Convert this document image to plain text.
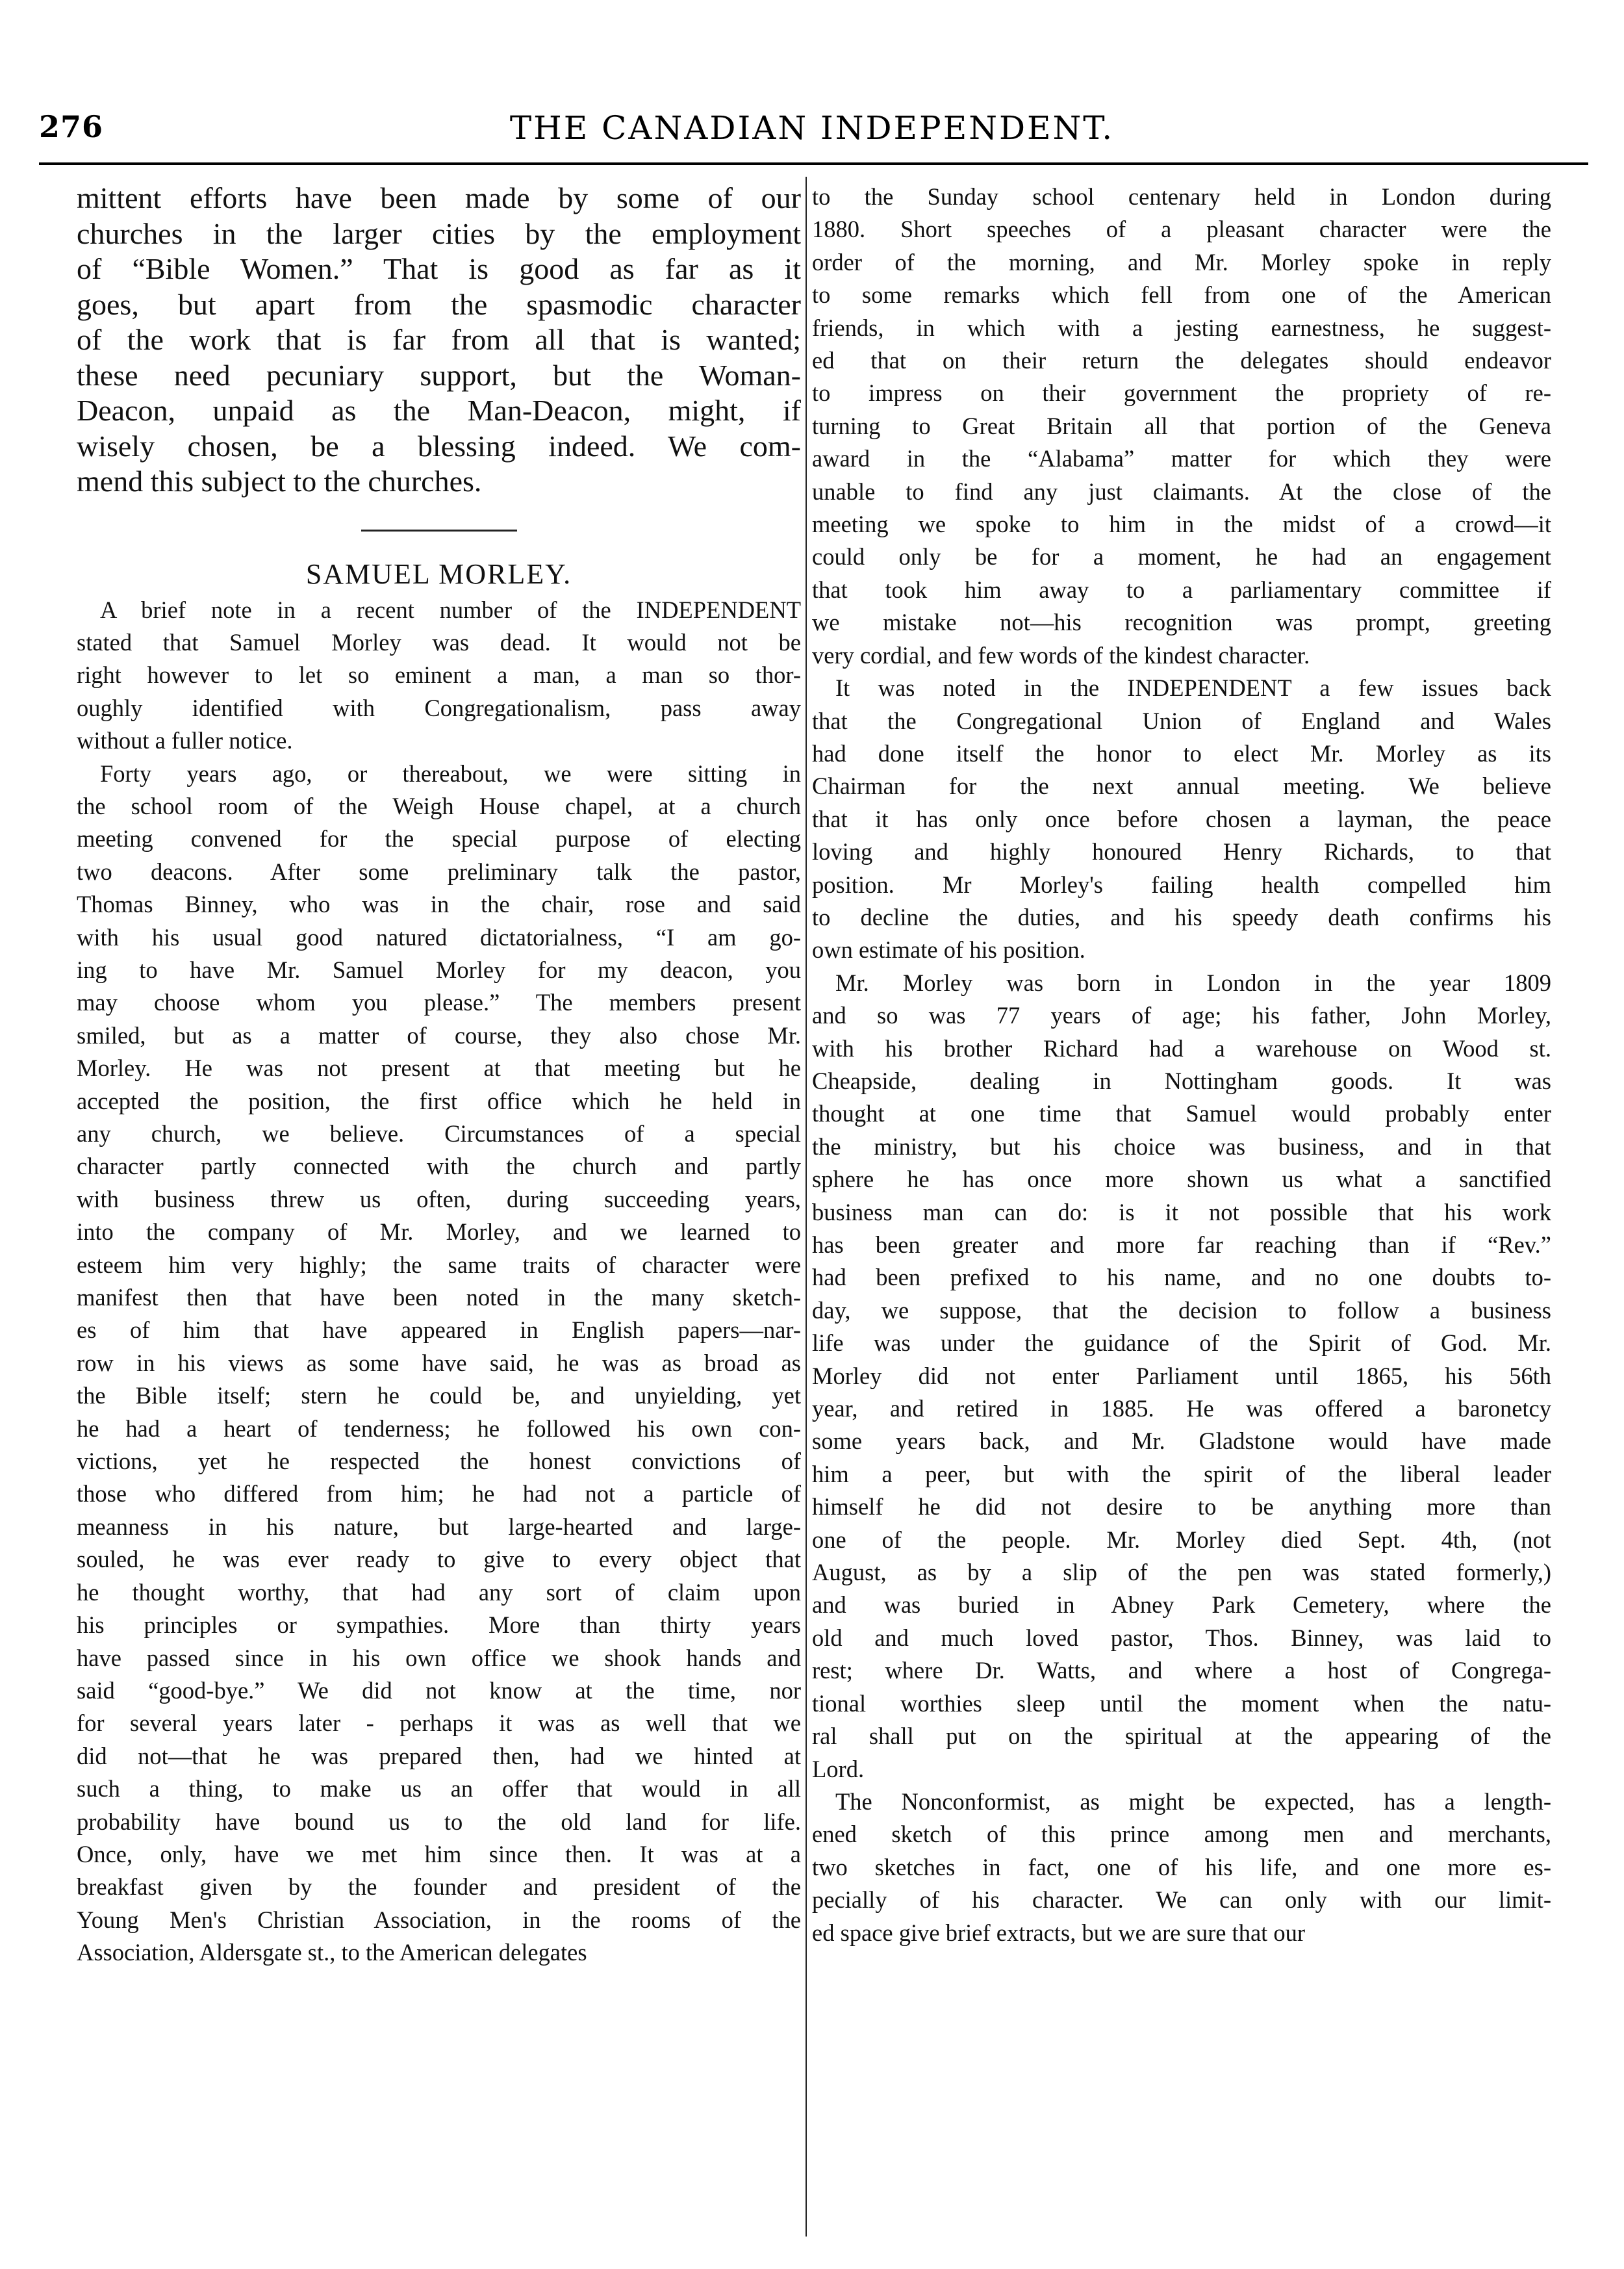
276	THE CANADIAN INDEPENDENT.
mittent efforts have been made by some of our
churches in the larger cities by the employment
of “Bible Women.” That is good as far as it
goes, but apart from the spasmodic character
of the work that is far from all that is wanted;
these need pecuniary support, but the Woman-
Deacon, unpaid as the Man-Deacon, might, if
wisely chosen, be a blessing indeed. We com-
mend this subject to the churches.
SAMUEL MORLEY.
A brief note in a recent number of the INDEPENDENT
stated that Samuel Morley was dead. It would not be
right however to let so eminent a man, a man so thor-
oughly identified with Congregationalism, pass away
without a fuller notice.
Forty years ago, or thereabout, we were sitting in
the school room of the Weigh House chapel, at a church
meeting convened for the special purpose of electing
two deacons. After some preliminary talk the pastor,
Thomas Binney, who was in the chair, rose and said
with his usual good natured dictatorialness, “I am go-
ing to have Mr. Samuel Morley for my deacon, you
may choose whom you please.” The members present
smiled, but as a matter of course, they also chose Mr.
Morley. He was not present at that meeting but he
accepted the position, the first office which he held in
any church, we believe. Circumstances of a special
character partly connected with the church and partly
with business threw us often, during succeeding years,
into the company of Mr. Morley, and we learned to
esteem him very highly; the same traits of character were
manifest then that have been noted in the many sketch-
es of him that have appeared in English papers—nar-
row in his views as some have said, he was as broad as
the Bible itself; stern he could be, and unyielding, yet
he had a heart of tenderness; he followed his own con-
victions, yet he respected the honest convictions of
those who differed from him; he had not a particle of
meanness in his nature, but large-hearted and large-
souled, he was ever ready to give to every object that
he thought worthy, that had any sort of claim upon
his principles or sympathies. More than thirty years
have passed since in his own office we shook hands and
said “good-bye.” We did not know at the time, nor
for several years later - perhaps it was as well that we
did not—that he was prepared then, had we hinted at
such a thing, to make us an offer that would in all
probability have bound us to the old land for life.
Once, only, have we met him since then. It was at a
breakfast given by the founder and president of the
Young Men's Christian Association, in the rooms of the
Association, Aldersgate st., to the American delegates
to the Sunday school centenary held in London during
1880. Short speeches of a pleasant character were the
order of the morning, and Mr. Morley spoke in reply
to some remarks which fell from one of the American
friends, in which with a jesting earnestness, he suggest-
ed that on their return the delegates should endeavor
to impress on their government the propriety of re-
turning to Great Britain all that portion of the Geneva
award in the “Alabama” matter for which they were
unable to find any just claimants. At the close of the
meeting we spoke to him in the midst of a crowd—it
could only be for a moment, he had an engagement
that took him away to a parliamentary committee if
we mistake not—his recognition was prompt, greeting
very cordial, and few words of the kindest character.
It was noted in the INDEPENDENT a few issues back
that the Congregational Union of England and Wales
had done itself the honor to elect Mr. Morley as its
Chairman for the next annual meeting. We believe
that it has only once before chosen a layman, the peace
loving and highly honoured Henry Richards, to that
position. Mr Morley's failing health compelled him
to decline the duties, and his speedy death confirms his
own estimate of his position.
Mr. Morley was born in London in the year 1809
and so was 77 years of age; his father, John Morley,
with his brother Richard had a warehouse on Wood st.
Cheapside, dealing in Nottingham goods. It was
thought at one time that Samuel would probably enter
the ministry, but his choice was business, and in that
sphere he has once more shown us what a sanctified
business man can do: is it not possible that his work
has been greater and more far reaching than if “Rev.”
had been prefixed to his name, and no one doubts to-
day, we suppose, that the decision to follow a business
life was under the guidance of the Spirit of God. Mr.
Morley did not enter Parliament until 1865, his 56th
year, and retired in 1885. He was offered a baronetcy
some years back, and Mr. Gladstone would have made
him a peer, but with the spirit of the liberal leader
himself he did not desire to be anything more than
one of the people. Mr. Morley died Sept. 4th, (not
August, as by a slip of the pen was stated formerly,)
and was buried in Abney Park Cemetery, where the
old and much loved pastor, Thos. Binney, was laid to
rest; where Dr. Watts, and where a host of Congrega-
tional worthies sleep until the moment when the natu-
ral shall put on the spiritual at the appearing of the
Lord.
The Nonconformist, as might be expected, has a length-
ened sketch of this prince among men and merchants,
two sketches in fact, one of his life, and one more es-
pecially of his character. We can only with our limit-
ed space give brief extracts, but we are sure that our
